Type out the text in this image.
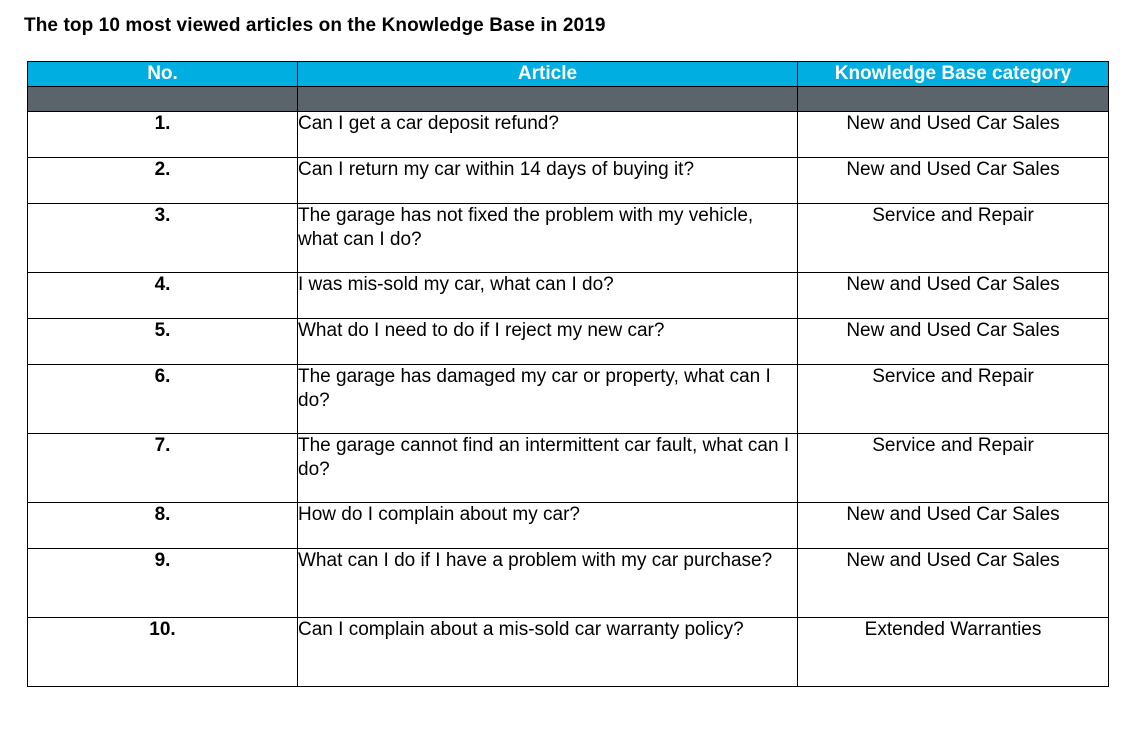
The top 10 most viewed articles on the Knowledge Base in 2019
No.	Article	Knowledge Base category

1.	Can I get a car deposit refund?	New and Used Car Sales
2.	Can I return my car within 14 days of buying it?	New and Used Car Sales
3.	The garage has not fixed the problem with my vehicle, what can I do?	Service and Repair
4.	I was mis-sold my car, what can I do?	New and Used Car Sales
5.	What do I need to do if I reject my new car?	New and Used Car Sales
6.	The garage has damaged my car or property, what can I do?	Service and Repair
7.	The garage cannot find an intermittent car fault, what can I do?	Service and Repair
8.	How do I complain about my car?	New and Used Car Sales
9.	What can I do if I have a problem with my car purchase?	New and Used Car Sales
10.	Can I complain about a mis-sold car warranty policy?	Extended Warranties
